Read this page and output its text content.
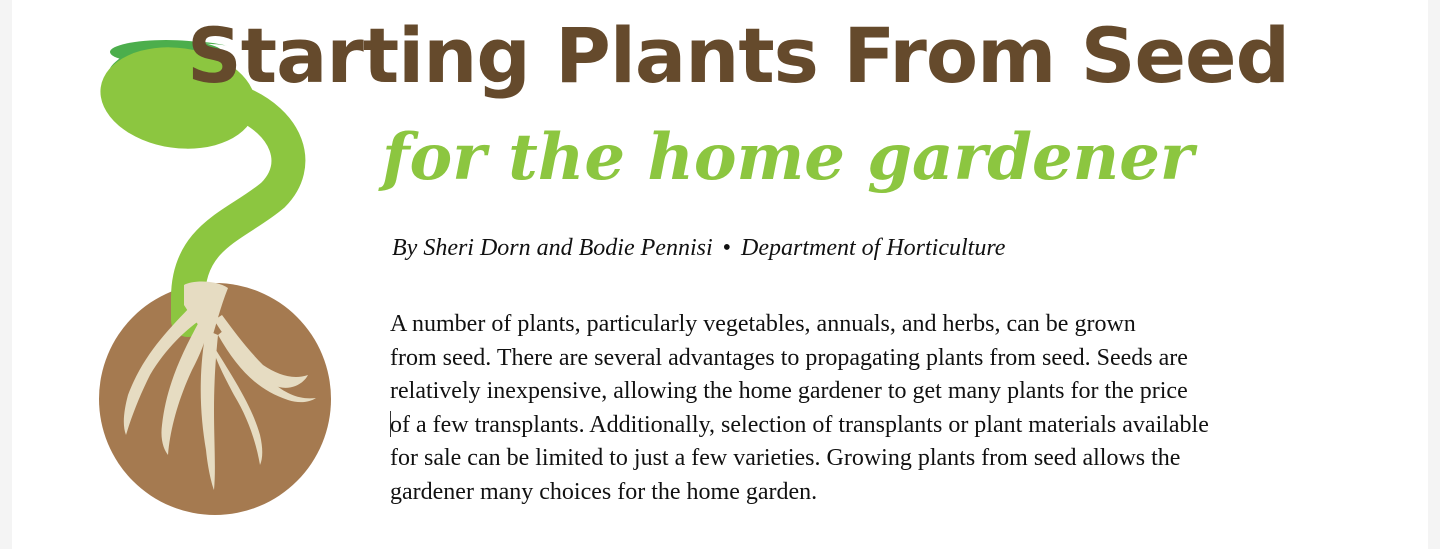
Starting Plants From Seed
for the home gardener
By Sheri Dorn and Bodie Pennisi • Department of Horticulture

A number of plants, particularly vegetables, annuals, and herbs, can be grown
from seed. There are several advantages to propagating plants from seed. Seeds are
relatively inexpensive, allowing the home gardener to get many plants for the price
of a few transplants. Additionally, selection of transplants or plant materials available
for sale can be limited to just a few varieties. Growing plants from seed allows the
gardener many choices for the home garden.
